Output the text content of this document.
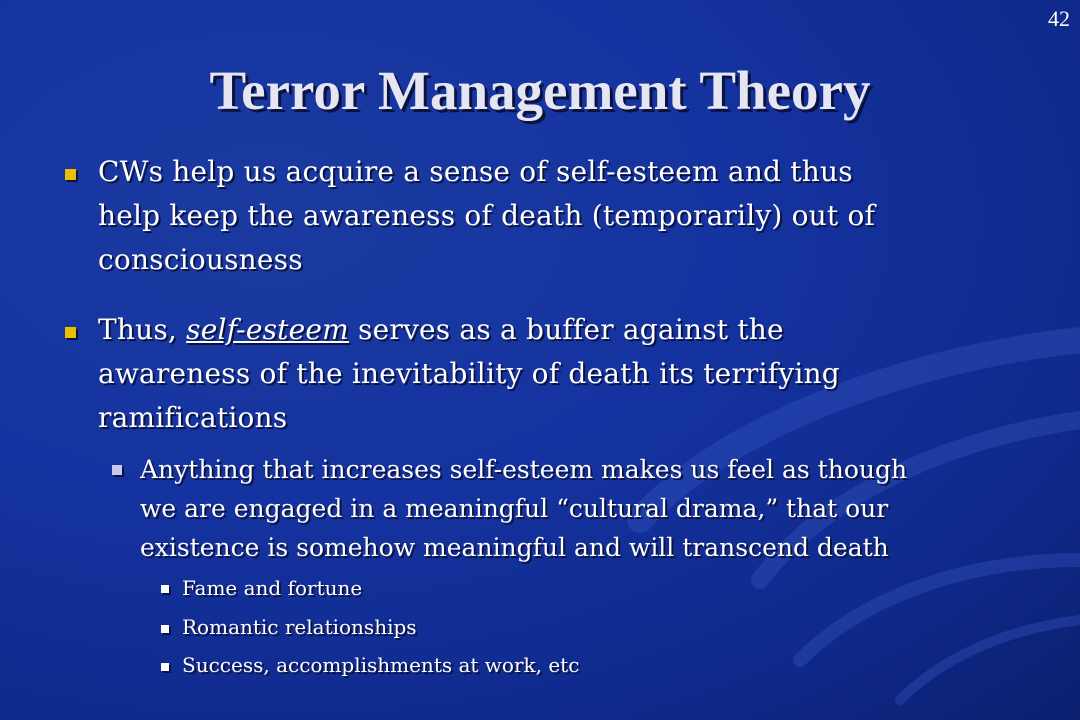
42
Terror Management Theory
CWs help us acquire a sense of self-esteem and thus
help keep the awareness of death (temporarily) out of
consciousness
Thus, self-esteem serves as a buffer against the
awareness of the inevitability of death its terrifying
ramifications
Anything that increases self-esteem makes us feel as though
we are engaged in a meaningful “cultural drama,” that our
existence is somehow meaningful and will transcend death
Fame and fortune
Romantic relationships
Success, accomplishments at work, etc
